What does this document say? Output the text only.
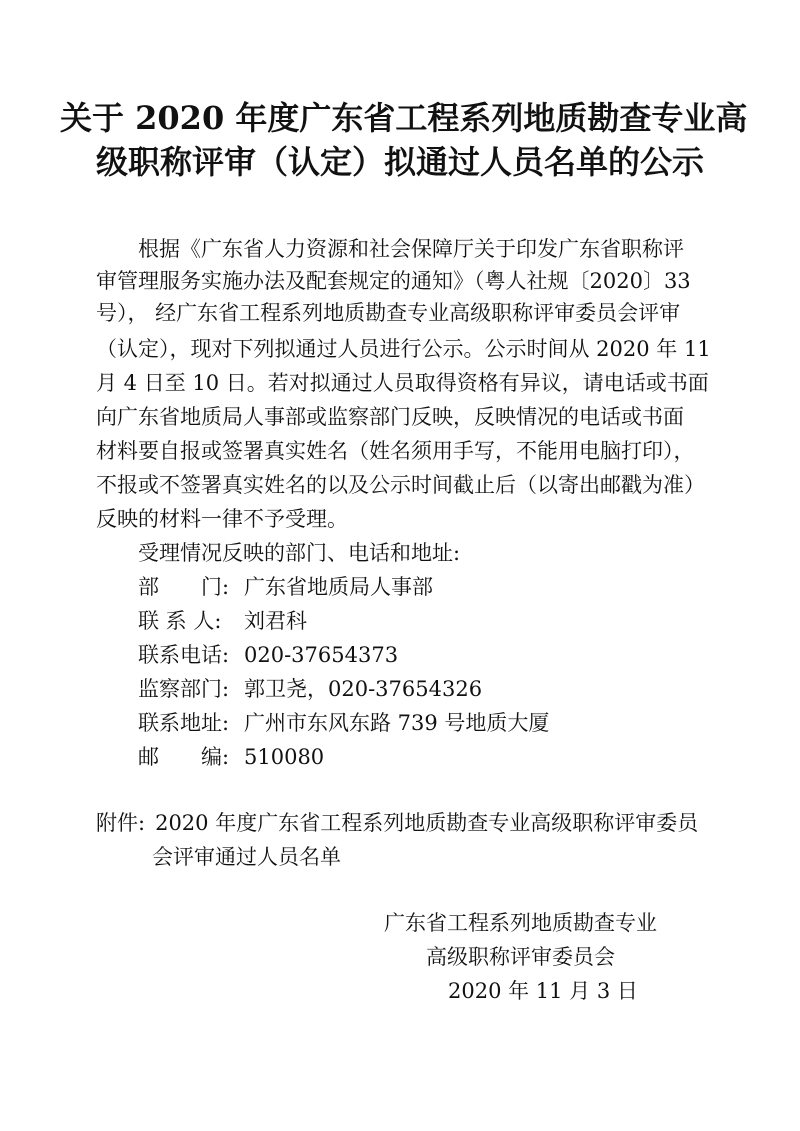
关于 2020 年度广东省工程系列地质勘查专业高
级职称评审（认定）拟通过人员名单的公示
根据《广东省人力资源和社会保障厅关于印发广东省职称评
审管理服务实施办法及配套规定的通知》（粤人社规〔2020〕33
号）， 经广东省工程系列地质勘查专业高级职称评审委员会评审
（认定），现对下列拟通过人员进行公示。公示时间从 2020 年 11
月 4 日至 10 日。若对拟通过人员取得资格有异议，请电话或书面
向广东省地质局人事部或监察部门反映，反映情况的电话或书面
材料要自报或签署真实姓名（姓名须用手写，不能用电脑打印），
不报或不签署真实姓名的以及公示时间截止后（以寄出邮戳为准）
反映的材料一律不予受理。
受理情况反映的部门、电话和地址:
部　　门: 广东省地质局人事部
联 系 人: 刘君科
联系电话: 020-37654373
监察部门: 郭卫尧，020-37654326
联系地址: 广州市东风东路 739 号地质大厦
邮　　编: 510080
附件: 2020 年度广东省工程系列地质勘查专业高级职称评审委员
会评审通过人员名单
广东省工程系列地质勘查专业
高级职称评审委员会
2020 年 11 月 3 日
